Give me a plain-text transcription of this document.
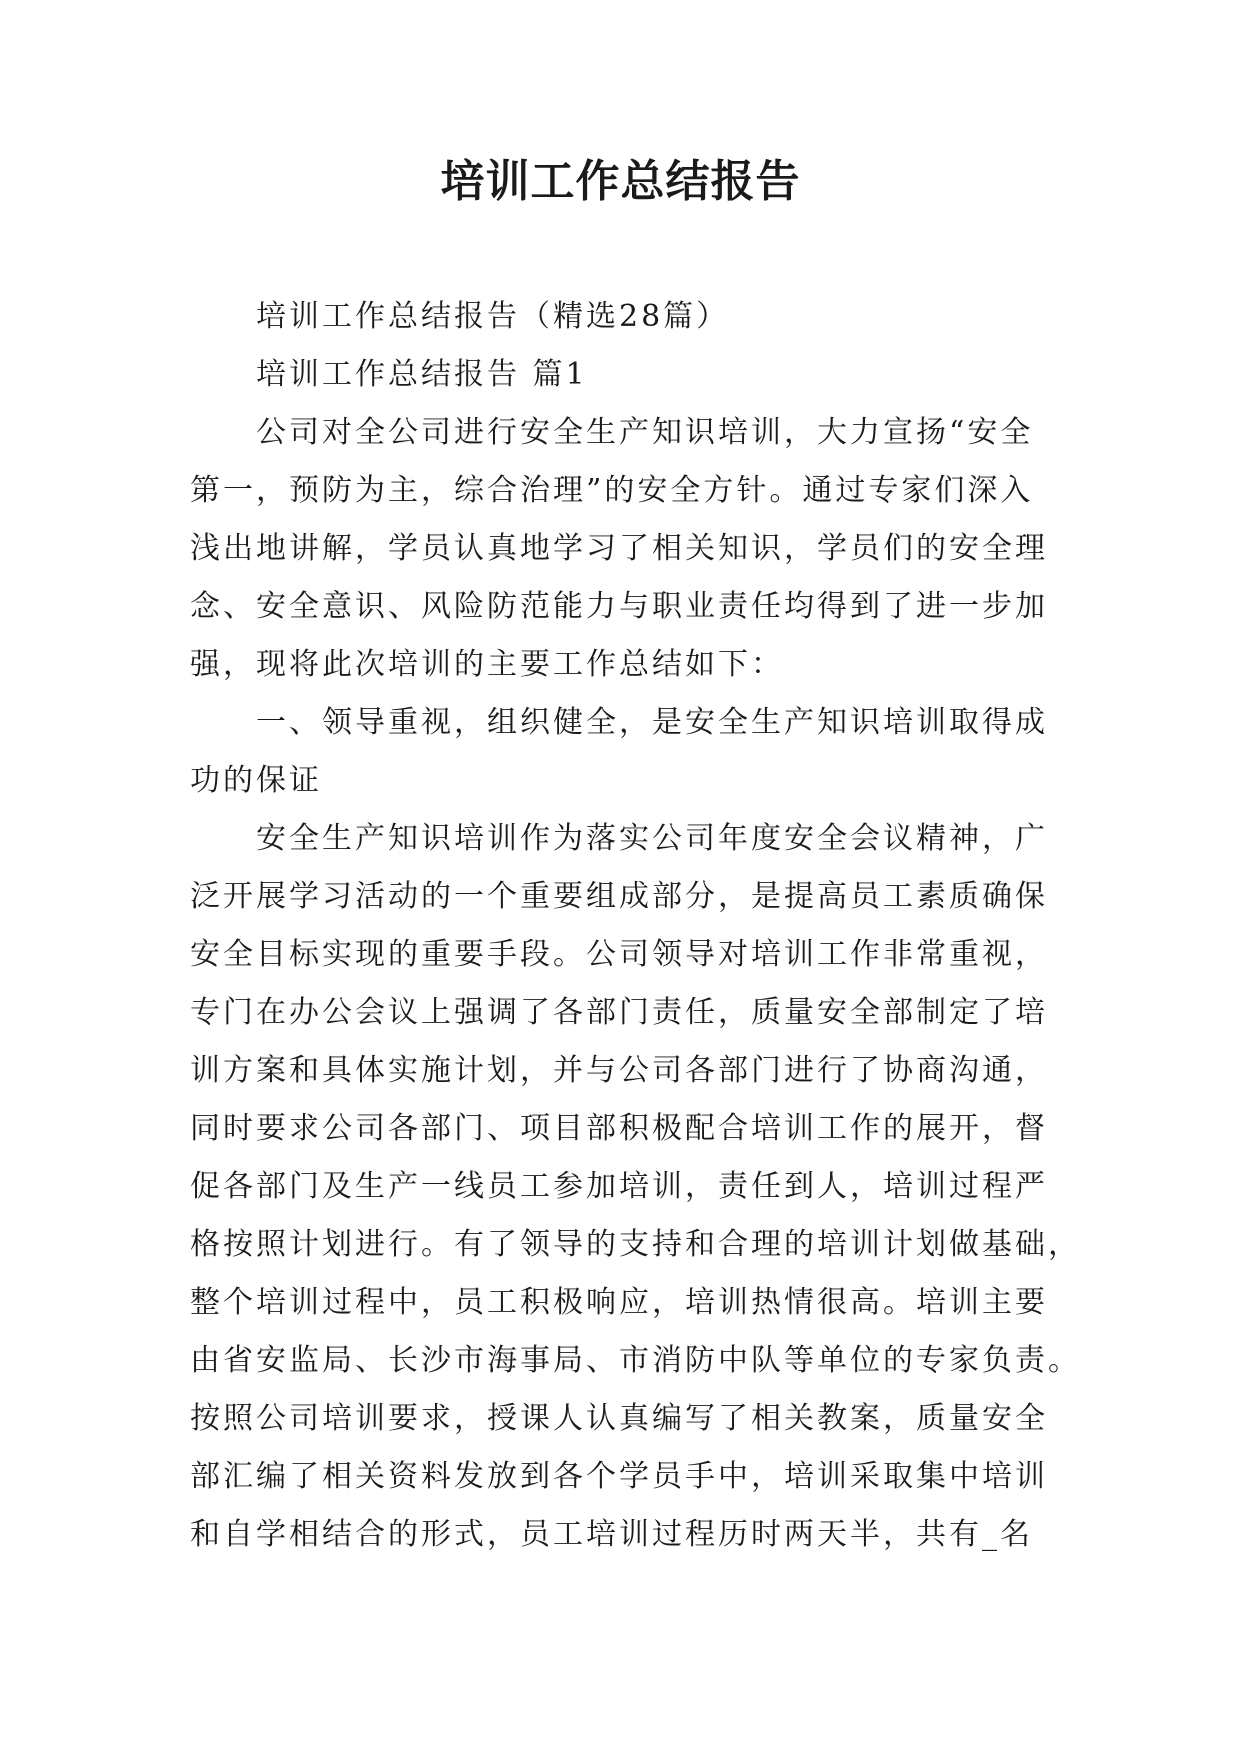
培训工作总结报告
培训工作总结报告（精选28篇）
培训工作总结报告 篇1
公司对全公司进行安全生产知识培训，大力宣扬“安全
第一，预防为主，综合治理”的安全方针。通过专家们深入
浅出地讲解，学员认真地学习了相关知识，学员们的安全理
念、安全意识、风险防范能力与职业责任均得到了进一步加
强，现将此次培训的主要工作总结如下：
一、领导重视，组织健全，是安全生产知识培训取得成
功的保证
安全生产知识培训作为落实公司年度安全会议精神，广
泛开展学习活动的一个重要组成部分，是提高员工素质确保
安全目标实现的重要手段。公司领导对培训工作非常重视，
专门在办公会议上强调了各部门责任，质量安全部制定了培
训方案和具体实施计划，并与公司各部门进行了协商沟通，
同时要求公司各部门、项目部积极配合培训工作的展开，督
促各部门及生产一线员工参加培训，责任到人，培训过程严
格按照计划进行。有了领导的支持和合理的培训计划做基础，
整个培训过程中，员工积极响应，培训热情很高。培训主要
由省安监局、长沙市海事局、市消防中队等单位的专家负责。
按照公司培训要求，授课人认真编写了相关教案，质量安全
部汇编了相关资料发放到各个学员手中，培训采取集中培训
和自学相结合的形式，员工培训过程历时两天半，共有_名
